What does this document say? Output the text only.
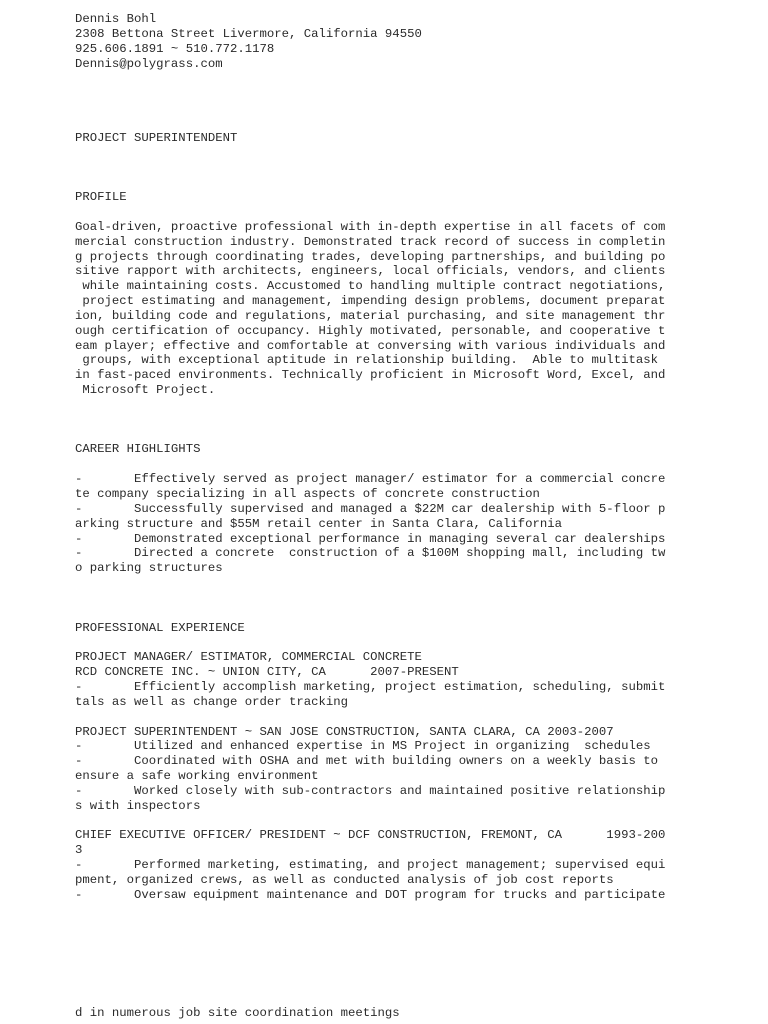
Dennis Bohl
2308 Bettona Street Livermore, California 94550
925.606.1891 ~ 510.772.1178
Dennis@polygrass.com
PROJECT SUPERINTENDENT
PROFILE
Goal-driven, proactive professional with in-depth expertise in all facets of com
mercial construction industry. Demonstrated track record of success in completin
g projects through coordinating trades, developing partnerships, and building po
sitive rapport with architects, engineers, local officials, vendors, and clients
while maintaining costs. Accustomed to handling multiple contract negotiations,
project estimating and management, impending design problems, document preparat
ion, building code and regulations, material purchasing, and site management thr
ough certification of occupancy. Highly motivated, personable, and cooperative t
eam player; effective and comfortable at conversing with various individuals and
groups, with exceptional aptitude in relationship building.  Able to multitask
in fast-paced environments. Technically proficient in Microsoft Word, Excel, and
Microsoft Project.
CAREER HIGHLIGHTS
-       Effectively served as project manager/ estimator for a commercial concre
te company specializing in all aspects of concrete construction
-       Successfully supervised and managed a $22M car dealership with 5-floor p
arking structure and $55M retail center in Santa Clara, California
-       Demonstrated exceptional performance in managing several car dealerships
-       Directed a concrete  construction of a $100M shopping mall, including tw
o parking structures
PROFESSIONAL EXPERIENCE
PROJECT MANAGER/ ESTIMATOR, COMMERCIAL CONCRETE
RCD CONCRETE INC. ~ UNION CITY, CA      2007-PRESENT
-       Efficiently accomplish marketing, project estimation, scheduling, submit
tals as well as change order tracking
PROJECT SUPERINTENDENT ~ SAN JOSE CONSTRUCTION, SANTA CLARA, CA 2003-2007
-       Utilized and enhanced expertise in MS Project in organizing  schedules
-       Coordinated with OSHA and met with building owners on a weekly basis to
ensure a safe working environment
-       Worked closely with sub-contractors and maintained positive relationship
s with inspectors
CHIEF EXECUTIVE OFFICER/ PRESIDENT ~ DCF CONSTRUCTION, FREMONT, CA      1993-200
3
-       Performed marketing, estimating, and project management; supervised equi
pment, organized crews, as well as conducted analysis of job cost reports
-       Oversaw equipment maintenance and DOT program for trucks and participate
d in numerous job site coordination meetings
